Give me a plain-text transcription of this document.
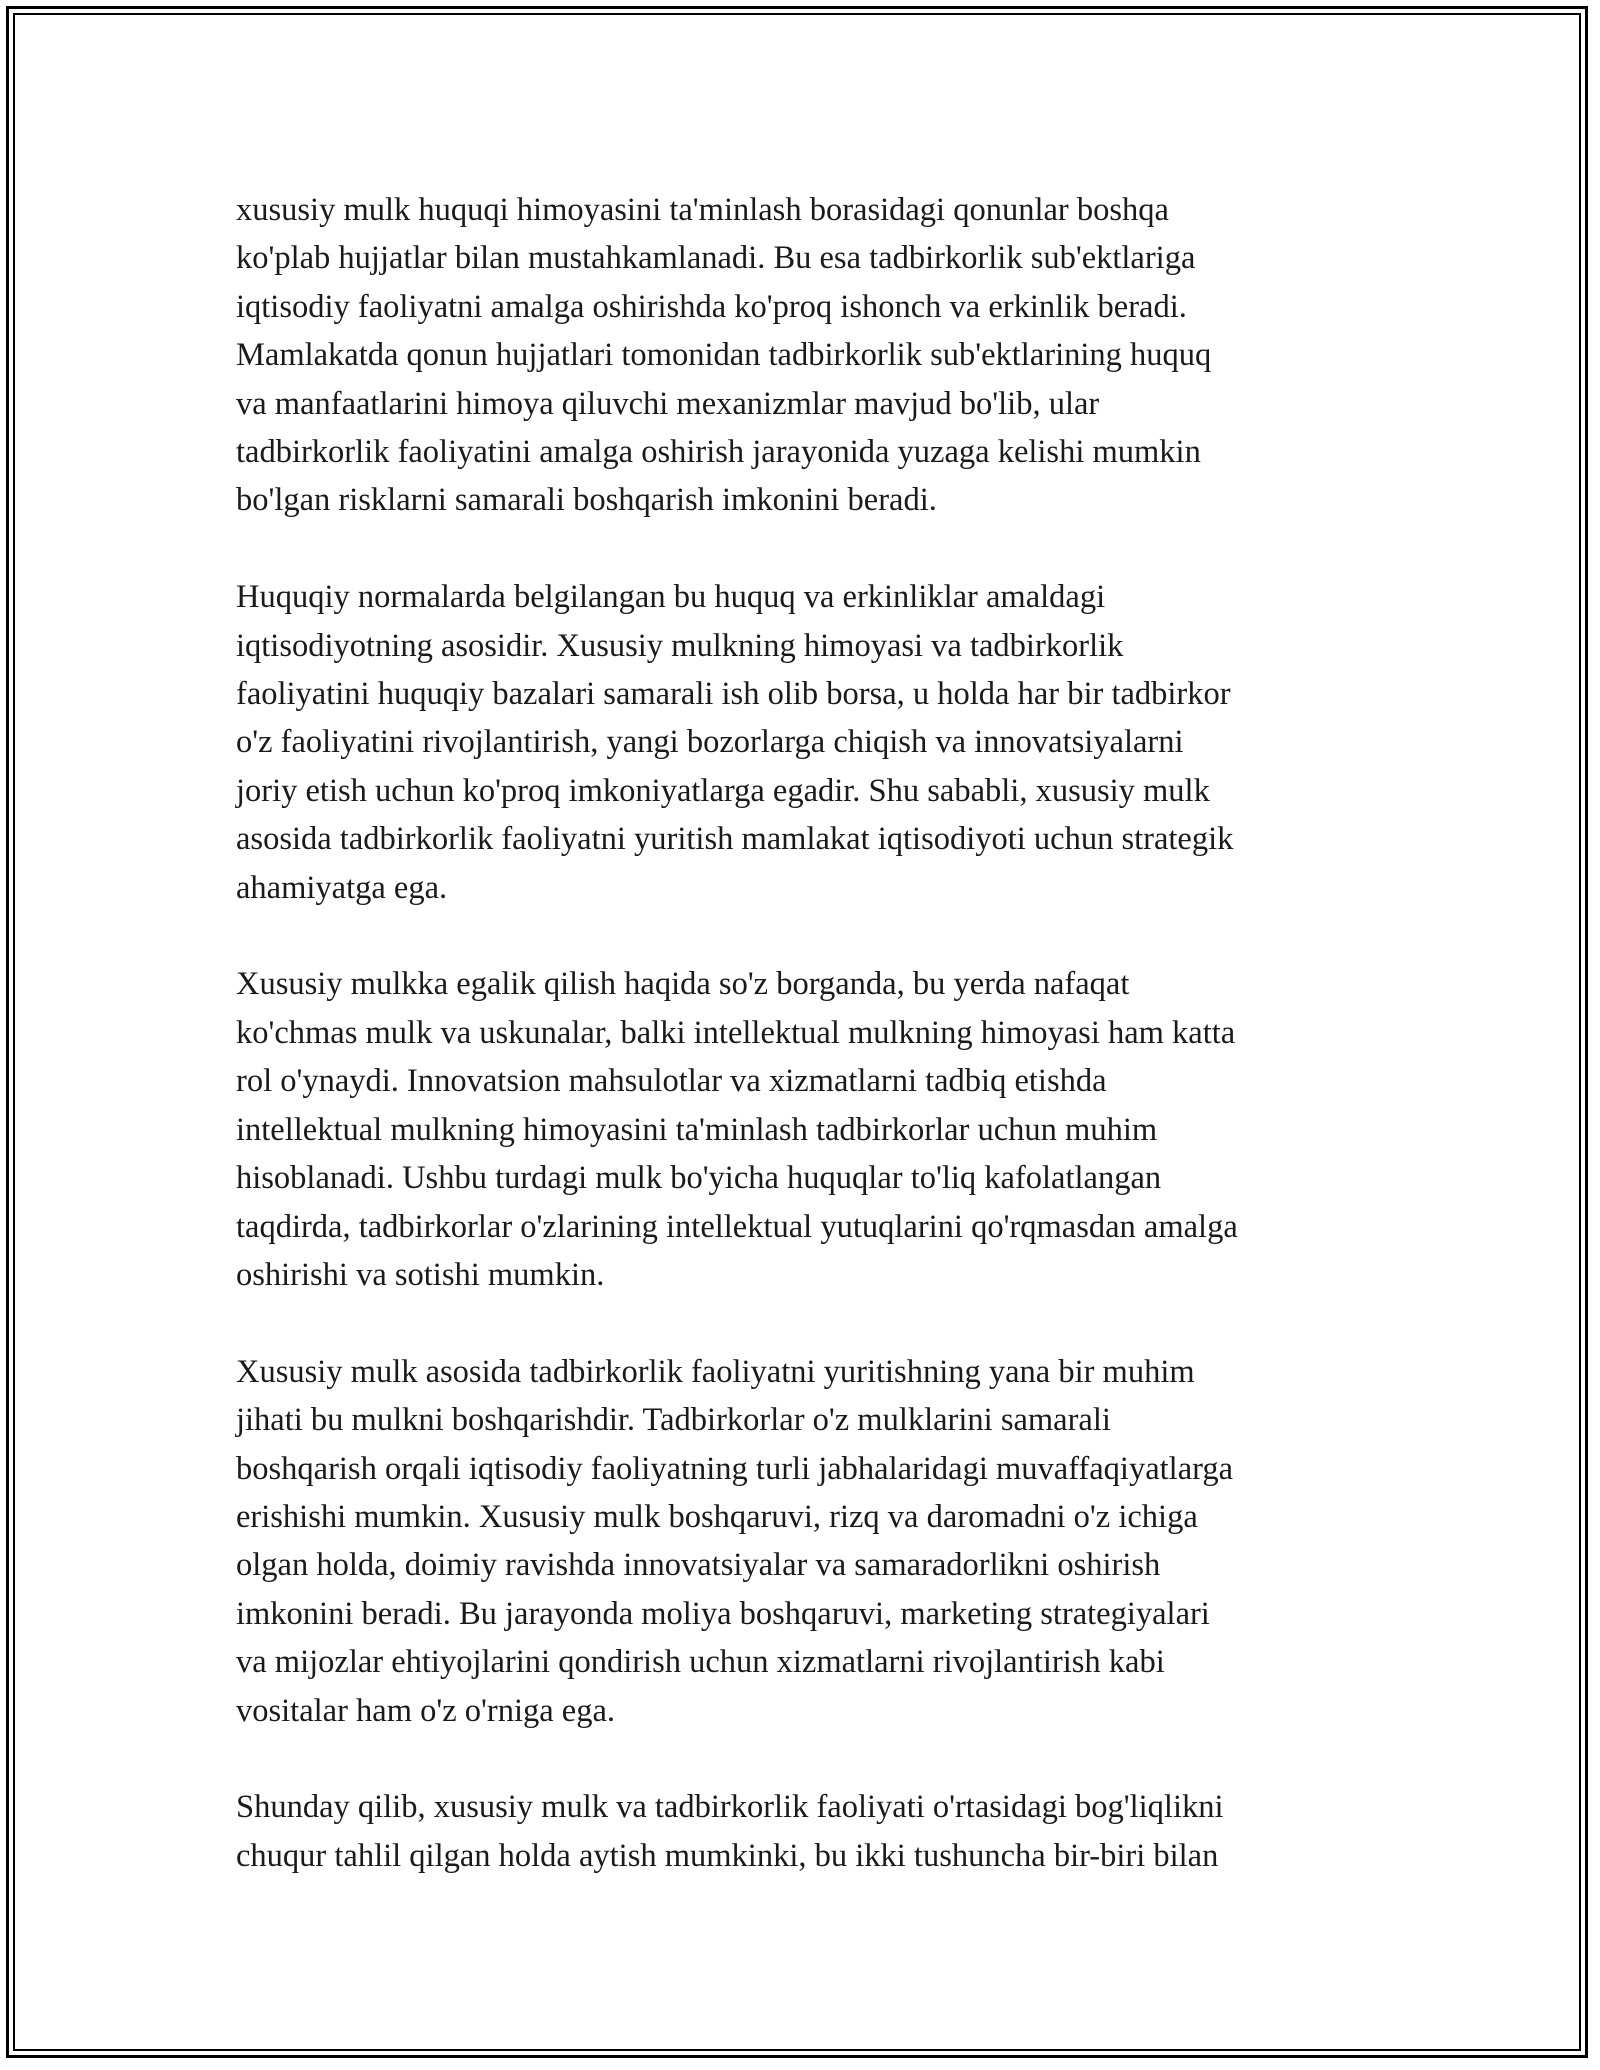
xususiy mulk huquqi himoyasini ta'minlash borasidagi qonunlar boshqa
ko'plab hujjatlar bilan mustahkamlanadi. Bu esa tadbirkorlik sub'ektlariga
iqtisodiy faoliyatni amalga oshirishda ko'proq ishonch va erkinlik beradi.
Mamlakatda qonun hujjatlari tomonidan tadbirkorlik sub'ektlarining huquq
va manfaatlarini himoya qiluvchi mexanizmlar mavjud bo'lib, ular
tadbirkorlik faoliyatini amalga oshirish jarayonida yuzaga kelishi mumkin
bo'lgan risklarni samarali boshqarish imkonini beradi.
Huquqiy normalarda belgilangan bu huquq va erkinliklar amaldagi
iqtisodiyotning asosidir. Xususiy mulkning himoyasi va tadbirkorlik
faoliyatini huquqiy bazalari samarali ish olib borsa, u holda har bir tadbirkor
o'z faoliyatini rivojlantirish, yangi bozorlarga chiqish va innovatsiyalarni
joriy etish uchun ko'proq imkoniyatlarga egadir. Shu sababli, xususiy mulk
asosida tadbirkorlik faoliyatni yuritish mamlakat iqtisodiyoti uchun strategik
ahamiyatga ega.
Xususiy mulkka egalik qilish haqida so'z borganda, bu yerda nafaqat
ko'chmas mulk va uskunalar, balki intellektual mulkning himoyasi ham katta
rol o'ynaydi. Innovatsion mahsulotlar va xizmatlarni tadbiq etishda
intellektual mulkning himoyasini ta'minlash tadbirkorlar uchun muhim
hisoblanadi. Ushbu turdagi mulk bo'yicha huquqlar to'liq kafolatlangan
taqdirda, tadbirkorlar o'zlarining intellektual yutuqlarini qo'rqmasdan amalga
oshirishi va sotishi mumkin.
Xususiy mulk asosida tadbirkorlik faoliyatni yuritishning yana bir muhim
jihati bu mulkni boshqarishdir. Tadbirkorlar o'z mulklarini samarali
boshqarish orqali iqtisodiy faoliyatning turli jabhalaridagi muvaffaqiyatlarga
erishishi mumkin. Xususiy mulk boshqaruvi, rizq va daromadni o'z ichiga
olgan holda, doimiy ravishda innovatsiyalar va samaradorlikni oshirish
imkonini beradi. Bu jarayonda moliya boshqaruvi, marketing strategiyalari
va mijozlar ehtiyojlarini qondirish uchun xizmatlarni rivojlantirish kabi
vositalar ham o'z o'rniga ega.
Shunday qilib, xususiy mulk va tadbirkorlik faoliyati o'rtasidagi bog'liqlikni
chuqur tahlil qilgan holda aytish mumkinki, bu ikki tushuncha bir-biri bilan
